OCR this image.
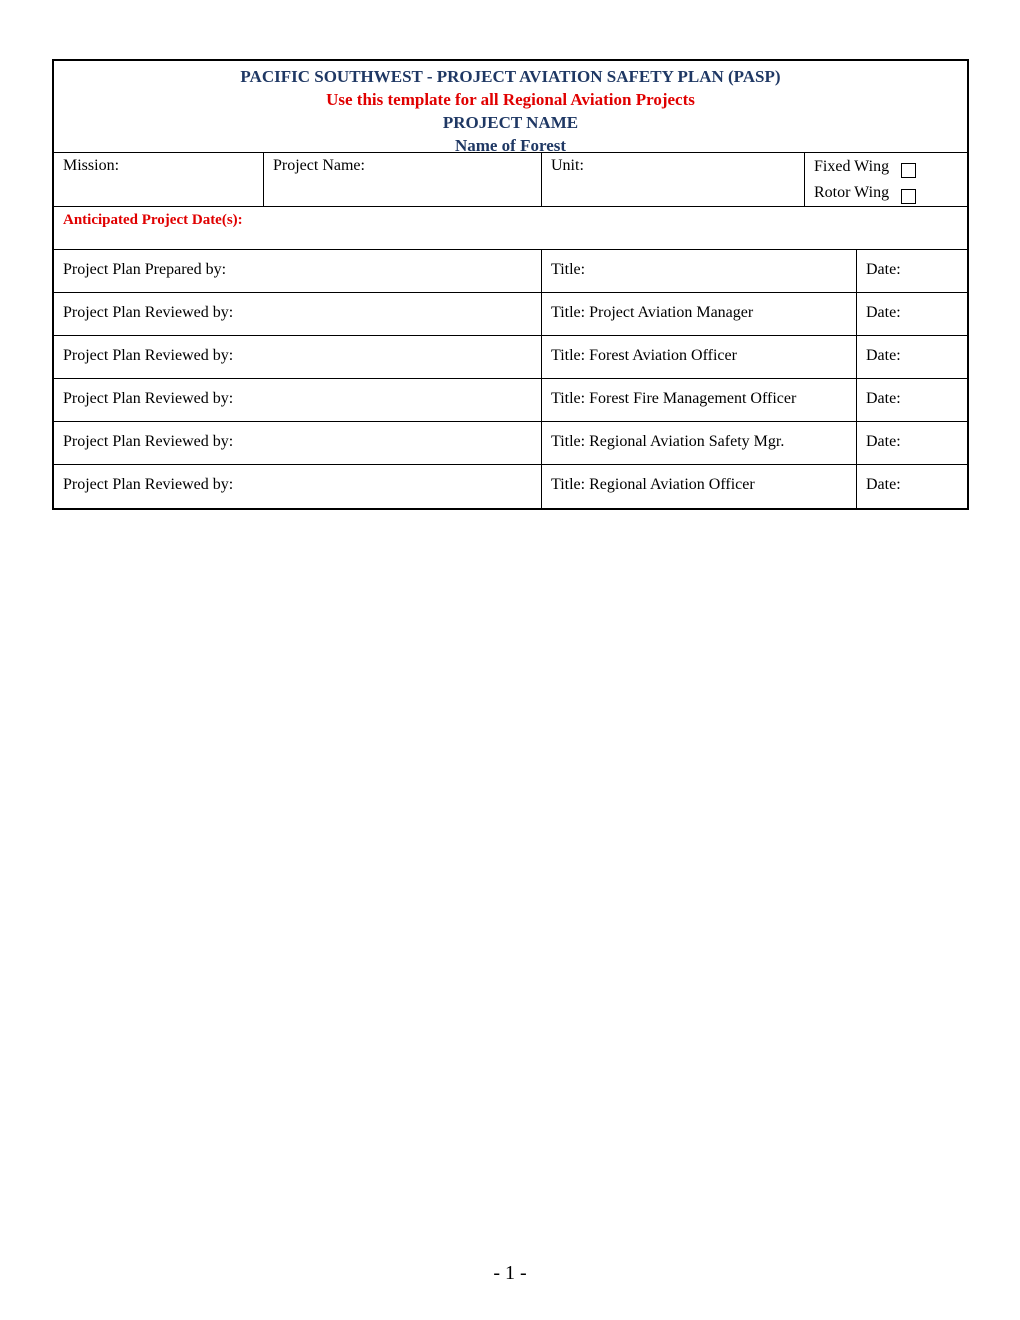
PACIFIC SOUTHWEST - PROJECT AVIATION SAFETY PLAN (PASP)
Use this template for all Regional Aviation Projects
PROJECT NAME
Name of Forest
Mission:	Project Name:	Unit:	Fixed Wing
Rotor Wing
Anticipated Project Date(s):
Project Plan Prepared by:	Title:	Date:
Project Plan Reviewed by:	Title: Project Aviation Manager	Date:
Project Plan Reviewed by:	Title: Forest Aviation Officer	Date:
Project Plan Reviewed by:	Title: Forest Fire Management Officer	Date:
Project Plan Reviewed by:	Title: Regional Aviation Safety Mgr.	Date:
Project Plan Reviewed by:	Title: Regional Aviation Officer	Date:
- 1 -
